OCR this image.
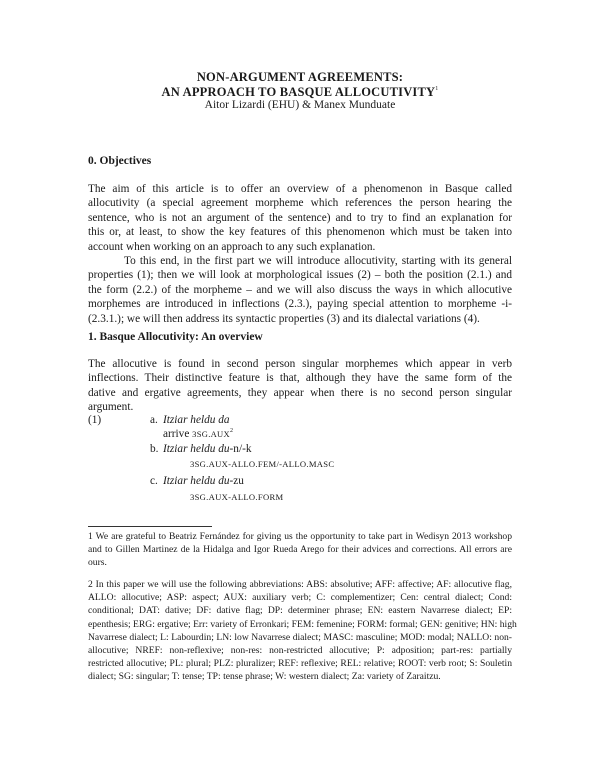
NON-ARGUMENT AGREEMENTS:
AN APPROACH TO BASQUE ALLOCUTIVITY$^1$
Aitor Lizardi (EHU) & Manex Munduate
0. Objectives
The aim of this article is to offer an overview of a phenomenon in Basque called
allocutivity (a special agreement morpheme which references the person hearing the
sentence, who is not an argument of the sentence) and to try to find an explanation for
this or, at least, to show the key features of this phenomenon which must be taken into
account when working on an approach to any such explanation.
To this end, in the first part we will introduce allocutivity, starting with its general
properties (1); then we will look at morphological issues (2) – both the position (2.1.) and
the form (2.2.) of the morpheme – and we will also discuss the ways in which allocutive
morphemes are introduced in inflections (2.3.), paying special attention to morpheme -i-
(2.3.1.); we will then address its syntactic properties (3) and its dialectal variations (4).
1. Basque Allocutivity: An overview
The allocutive is found in second person singular morphemes which appear in verb
inflections. Their distinctive feature is that, although they have the same form of the
dative and ergative agreements, they appear when there is no second person singular
argument.
(1)	a. Itziar heldu da
arrive 3SG.AUX$^2$
b. Itziar heldu du-n/-k
3SG.AUX-ALLO.FEM/-ALLO.MASC
c. Itziar heldu du-zu
3SG.AUX-ALLO.FORM
1 We are grateful to Beatriz Fernández for giving us the opportunity to take part in Wedisyn 2013 workshop
and to Gillen Martinez de la Hidalga and Igor Rueda Arego for their advices and corrections. All errors are
ours.
2 In this paper we will use the following abbreviations: ABS: absolutive; AFF: affective; AF: allocutive flag,
ALLO: allocutive; ASP: aspect; AUX: auxiliary verb; C: complementizer; Cen: central dialect; Cond:
conditional; DAT: dative; DF: dative flag; DP: determiner phrase; EN: eastern Navarrese dialect; EP:
epenthesis; ERG: ergative; Err: variety of Erronkari; FEM: femenine; FORM: formal; GEN: genitive; HN: high
Navarrese dialect; L: Labourdin; LN: low Navarrese dialect; MASC: masculine; MOD: modal; NALLO: non-
allocutive; NREF: non-reflexive; non-res: non-restricted allocutive; P: adposition; part-res: partially
restricted allocutive; PL: plural; PLZ: pluralizer; REF: reflexive; REL: relative; ROOT: verb root; S: Souletin
dialect; SG: singular; T: tense; TP: tense phrase; W: western dialect; Za: variety of Zaraitzu.
